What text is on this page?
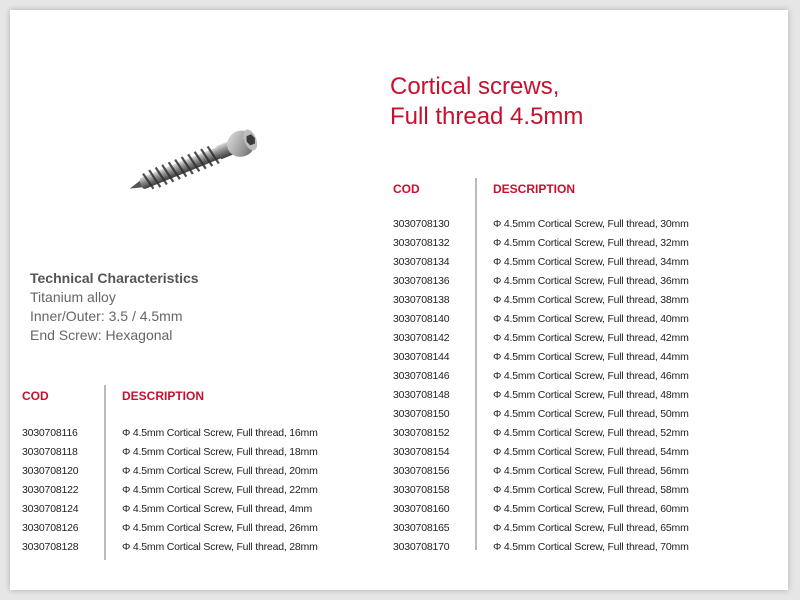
Cortical screws,
Full thread 4.5mm
Technical Characteristics
Titanium alloy
Inner/Outer: 3.5 / 4.5mm
End Screw: Hexagonal
COD	DESCRIPTION
3030708116	Φ 4.5mm Cortical Screw, Full thread, 16mm
3030708118	Φ 4.5mm Cortical Screw, Full thread, 18mm
3030708120	Φ 4.5mm Cortical Screw, Full thread, 20mm
3030708122	Φ 4.5mm Cortical Screw, Full thread, 22mm
3030708124	Φ 4.5mm Cortical Screw, Full thread, 4mm
3030708126	Φ 4.5mm Cortical Screw, Full thread, 26mm
3030708128	Φ 4.5mm Cortical Screw, Full thread, 28mm
COD	DESCRIPTION
3030708130	Φ 4.5mm Cortical Screw, Full thread, 30mm
3030708132	Φ 4.5mm Cortical Screw, Full thread, 32mm
3030708134	Φ 4.5mm Cortical Screw, Full thread, 34mm
3030708136	Φ 4.5mm Cortical Screw, Full thread, 36mm
3030708138	Φ 4.5mm Cortical Screw, Full thread, 38mm
3030708140	Φ 4.5mm Cortical Screw, Full thread, 40mm
3030708142	Φ 4.5mm Cortical Screw, Full thread, 42mm
3030708144	Φ 4.5mm Cortical Screw, Full thread, 44mm
3030708146	Φ 4.5mm Cortical Screw, Full thread, 46mm
3030708148	Φ 4.5mm Cortical Screw, Full thread, 48mm
3030708150	Φ 4.5mm Cortical Screw, Full thread, 50mm
3030708152	Φ 4.5mm Cortical Screw, Full thread, 52mm
3030708154	Φ 4.5mm Cortical Screw, Full thread, 54mm
3030708156	Φ 4.5mm Cortical Screw, Full thread, 56mm
3030708158	Φ 4.5mm Cortical Screw, Full thread, 58mm
3030708160	Φ 4.5mm Cortical Screw, Full thread, 60mm
3030708165	Φ 4.5mm Cortical Screw, Full thread, 65mm
3030708170	Φ 4.5mm Cortical Screw, Full thread, 70mm
